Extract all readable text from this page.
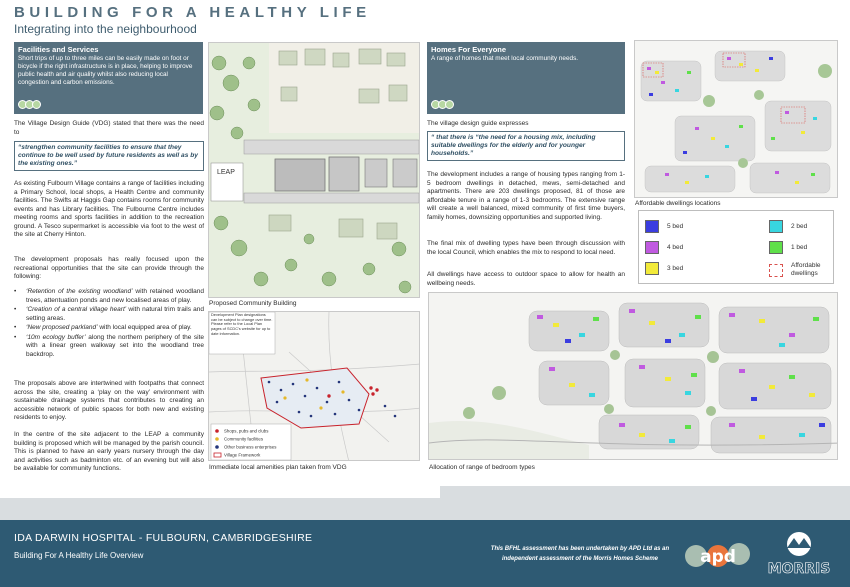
BUILDING FOR A HEALTHY LIFE
Integrating into the neighbourhood
Facilities and Services
Short trips of up to three miles can be easily made on foot or bicycle if the right infrastructure is in place, helping to improve public health and air quality whilst also reducing local congestion and carbon emissions.
The Village Design Guide (VDG) stated that there was the need to
“strengthen community facilities to ensure that they continue to be well used by future residents as well as by the existing ones.”
As existing Fulbourn Village contains a range of facilities including a Primary School, local shops, a Health Centre and community facilities. The Swifts at Haggis Gap contains rooms for community events and has Library facilities. The Fulbourne Centre includes meeting rooms and sports facilities in addition to the recreation ground. A Tesco supermarket is accessible via foot to the west of the site at Cherry Hinton.
The development proposals has really focused upon the recreational opportunities that the site can provide through the following:
• ‘Retention of the existing woodland’ with retained woodland trees, attentuation ponds and new localised areas of play.
• ‘Creation of a central village heart’ with natural trim trails and setting areas.
• ‘New proposed parkland’ with local equipped area of play.
• ‘10m ecology buffer’ along the northern periphery of the site with a linear green walkway set into the woodland tree backdrop.
The proposals above are intertwined with footpaths that connect across the site, creating a ‘play on the way’ environment with sustainable drainage systems that contributes to creating an accessible network of public spaces for both new and existing residents to enjoy.
In the centre of the site adjacent to the LEAP a community building is proposed which will be managed by the parish council. This is planned to have an early years nursery through the day and activities such as badminton etc. of an evening but will also be available for community functions.
LEAP
Proposed Community Building
Development Plan designations can be subject to change over time. Please refer to the Local Plan pages of SCDC's website for up to date information.
Shops, pubs and clubs
Community facilities
Other business enterprises
Village Framework
Immediate local amenities plan taken from VDG
Homes For Everyone
A range of homes that meet local community needs.
The village design guide expresses
“ that there is “the need for a housing mix, including suitable dwellings for the elderly and for younger households.”
The development includes a range of housing types ranging from 1-5 bedroom dwellings in detached, mews, semi-detached and apartments. There are 203 dwellings proposed, 81 of those are affordable tenure in a range of 1-3 bedrooms. The extensive range will create a well balanced, mixed community of first time buyers, family homes, downsizing opportunities and supported living.
The final mix of dwelling types have been through discussion with the local Council, which enables the mix to respond to local need.
All dwellings have access to outdoor space to allow for health an wellbeing needs.
Affordable dwellings locations
5 bed
4 bed
3 bed
2 bed
1 bed
Affordable dwellings
Allocation of range of bedroom types
IDA DARWIN HOSPITAL - FULBOURN, CAMBRIDGESHIRE
Building For A Healthy Life Overview
This BFHL assessment has been undertaken by APD Ltd as an
independent assessment of the Morris Homes Scheme	apd
MORRIS
